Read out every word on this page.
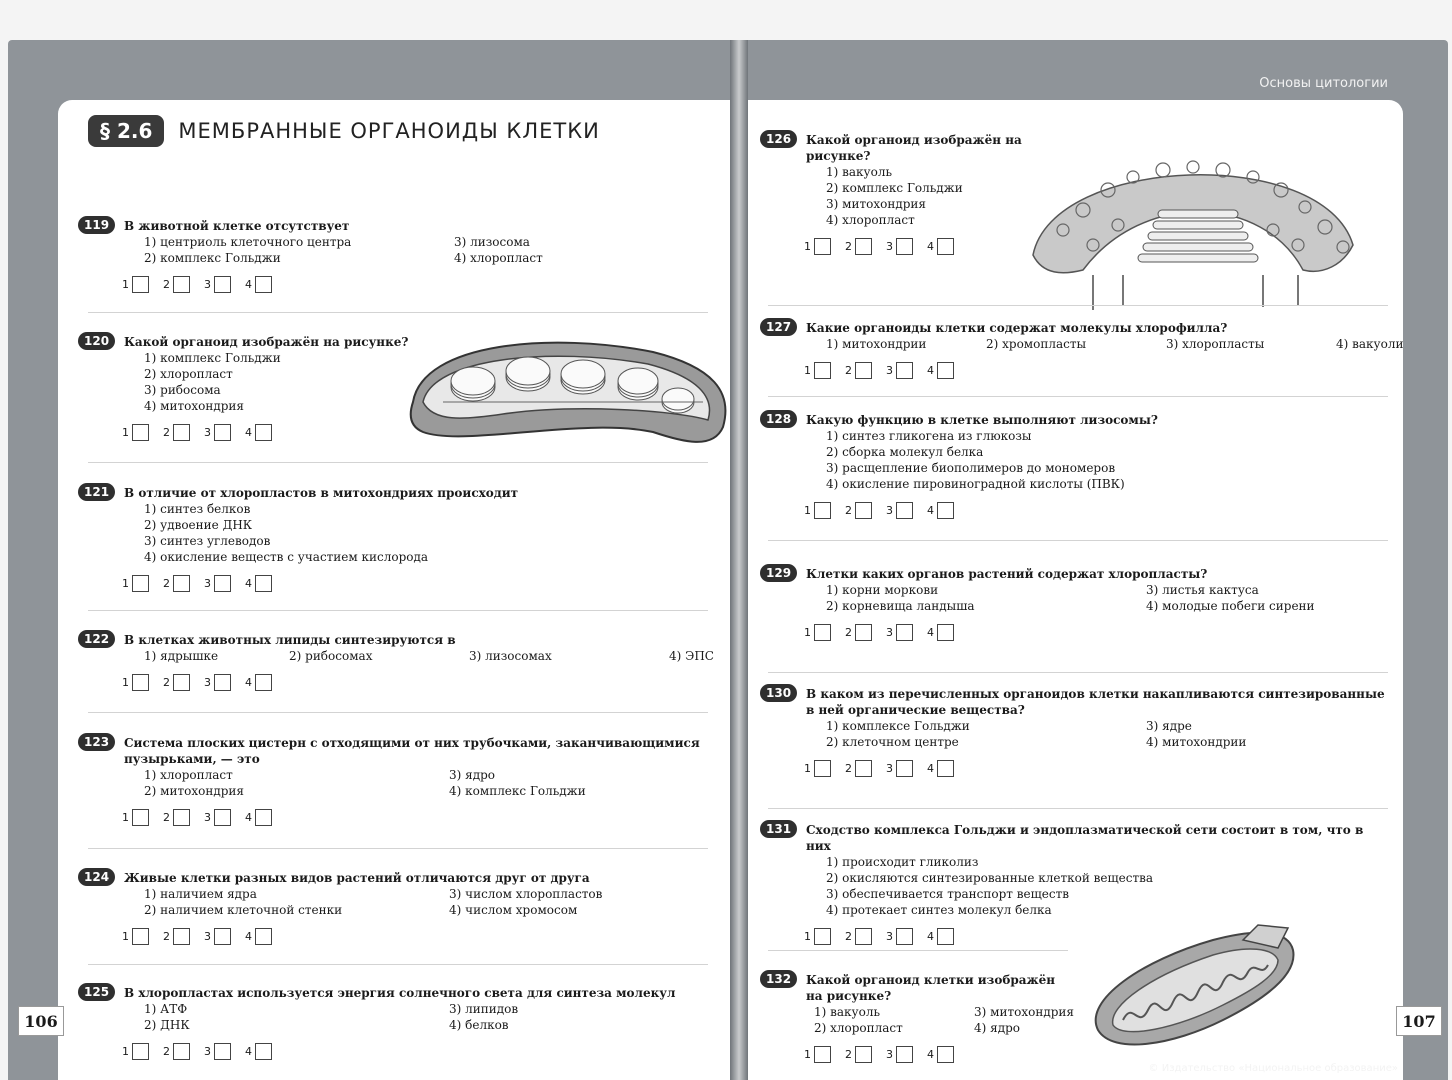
§ 2.6	МЕМБРАННЫЕ ОРГАНОИДЫ КЛЕТКИ
119	В животной клетке отсутствует
1) центриоль клеточного центра	3) лизосома
2) комплекс Гольджи	4) хлоропласт
1	2	3	4
120	Какой органоид изображён на рисунке?
1) комплекс Гольджи
2) хлоропласт
3) рибосома
4) митохондрия
1	2	3	4
121	В отличие от хлоропластов в митохондриях происходит
1) синтез белков
2) удвоение ДНК
3) синтез углеводов
4) окисление веществ с участием кислорода
1	2	3	4
122	В клетках животных липиды синтезируются в
1) ядрышке	2) рибосомах	3) лизосомах	4) ЭПС
1	2	3	4
123	Система плоских цистерн с отходящими от них трубочками, заканчивающимися пузырьками, — это
1) хлоропласт	3) ядро
2) митохондрия	4) комплекс Гольджи
1	2	3	4
124	Живые клетки разных видов растений отличаются друг от друга
1) наличием ядра	3) числом хлоропластов
2) наличием клеточной стенки	4) числом хромосом
1	2	3	4
125	В хлоропластах используется энергия солнечного света для синтеза молекул
1) АТФ	3) липидов
2) ДНК	4) белков
1	2	3	4
106
Основы цитологии
126	Какой органоид изображён на рисунке?
1) вакуоль
2) комплекс Гольджи
3) митохондрия
4) хлоропласт
1	2	3	4
127	Какие органоиды клетки содержат молекулы хлорофилла?
1) митохондрии	2) хромопласты	3) хлоропласты	4) вакуоли
1	2	3	4
128	Какую функцию в клетке выполняют лизосомы?
1) синтез гликогена из глюкозы
2) сборка молекул белка
3) расщепление биополимеров до мономеров
4) окисление пировиноградной кислоты (ПВК)
1	2	3	4
129	Клетки каких органов растений содержат хлоропласты?
1) корни моркови	3) листья кактуса
2) корневища ландыша	4) молодые побеги сирени
1	2	3	4
130	В каком из перечисленных органоидов клетки накапливаются синтезированные в ней органические вещества?
1) комплексе Гольджи	3) ядре
2) клеточном центре	4) митохондрии
1	2	3	4
131	Сходство комплекса Гольджи и эндоплазматической сети состоит в том, что в них
1) происходит гликолиз
2) окисляются синтезированные клеткой вещества
3) обеспечивается транспорт веществ
4) протекает синтез молекул белка
1	2	3	4
132	Какой органоид клетки изображён на рисунке?
1) вакуоль	3) митохондрия
2) хлоропласт	4) ядро
1	2	3	4
107
© Издательство «Национальное образование»
